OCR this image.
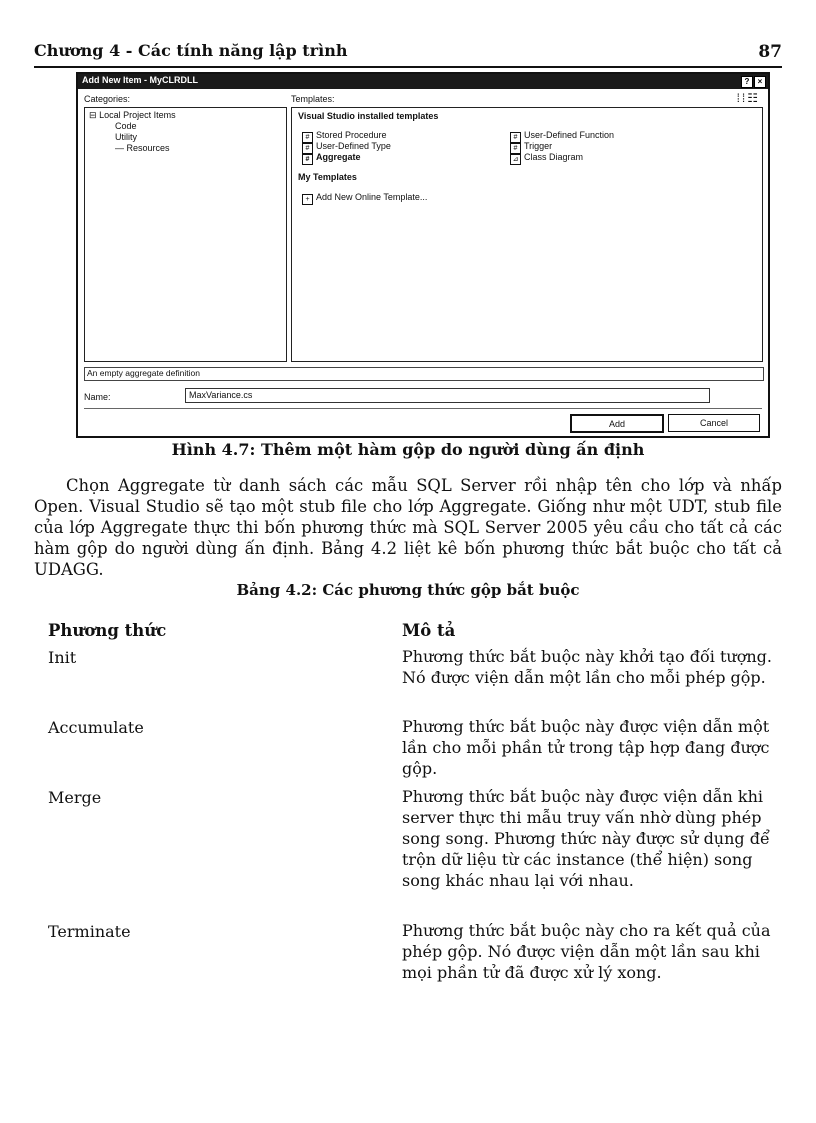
Chương 4 - Các tính năng lập trình	87
Add New Item - MyCLRDLL	?	×
Categories:	Templates:	⁞⁞☷
⊟ Local Project Items
Code
Utility
— Resources
Visual Studio installed templates
# Stored Procedure
# User-Defined Type
# Aggregate
# User-Defined Function
# Trigger
⊿ Class Diagram
My Templates
+ Add New Online Template...
An empty aggregate definition
Name:	MaxVariance.cs
Add	Cancel
Hình 4.7: Thêm một hàm gộp do người dùng ấn định

Chọn Aggregate từ danh sách các mẫu SQL Server rồi nhập tên cho lớp và nhấp Open. Visual Studio sẽ tạo một stub file cho lớp Aggregate. Giống như một UDT, stub file của lớp Aggregate thực thi bốn phương thức mà SQL Server 2005 yêu cầu cho tất cả các hàm gộp do người dùng ấn định. Bảng 4.2 liệt kê bốn phương thức bắt buộc cho tất cả UDAGG.

Bảng 4.2: Các phương thức gộp bắt buộc
Phương thức	Mô tả
Init	Phương thức bắt buộc này khởi tạo đối tượng. Nó được viện dẫn một lần cho mỗi phép gộp.

Accumulate	Phương thức bắt buộc này được viện dẫn một lần cho mỗi phần tử trong tập hợp đang được gộp.

Merge	Phương thức bắt buộc này được viện dẫn khi server thực thi mẫu truy vấn nhờ dùng phép song song. Phương thức này được sử dụng để trộn dữ liệu từ các instance (thể hiện) song song khác nhau lại với nhau.

Terminate	Phương thức bắt buộc này cho ra kết quả của phép gộp. Nó được viện dẫn một lần sau khi mọi phần tử đã được xử lý xong.
